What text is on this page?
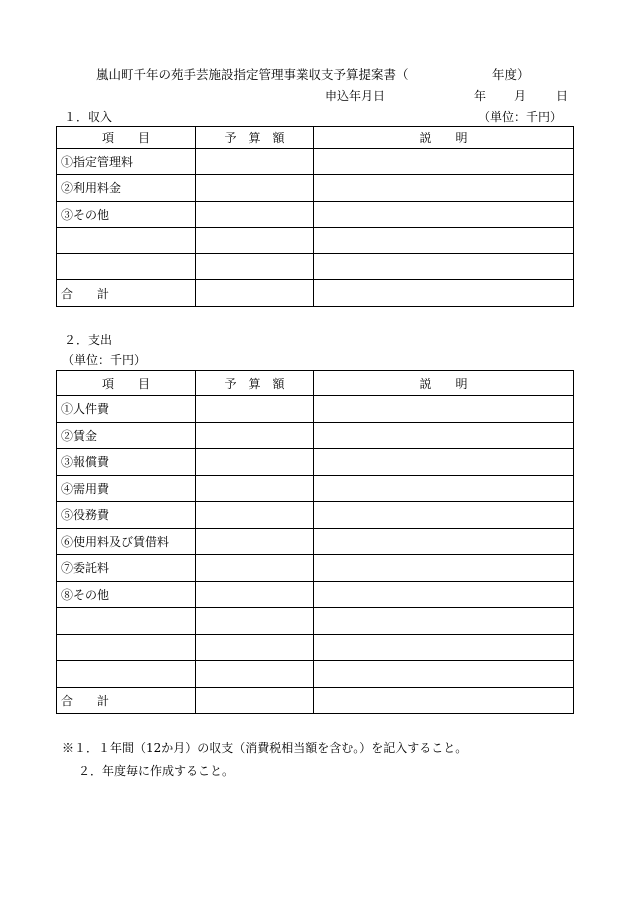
嵐山町千年の苑手芸施設指定管理事業収支予算提案書（	年度）
申込年月日	年 月 日
１．収入	（単位：千円）
項　　目	予　算　額	説　　明
①指定管理料		
②利用料金		
③その他		

合　　計		
２．支出
（単位：千円）
項　　目	予　算　額	説　　明
①人件費		
②賃金		
③報償費		
④需用費		
⑤役務費		
⑥使用料及び賃借料		
⑦委託料		
⑧その他		

合　　計		
※１．１年間（12か月）の収支（消費税相当額を含む。）を記入すること。
２．年度毎に作成すること。
